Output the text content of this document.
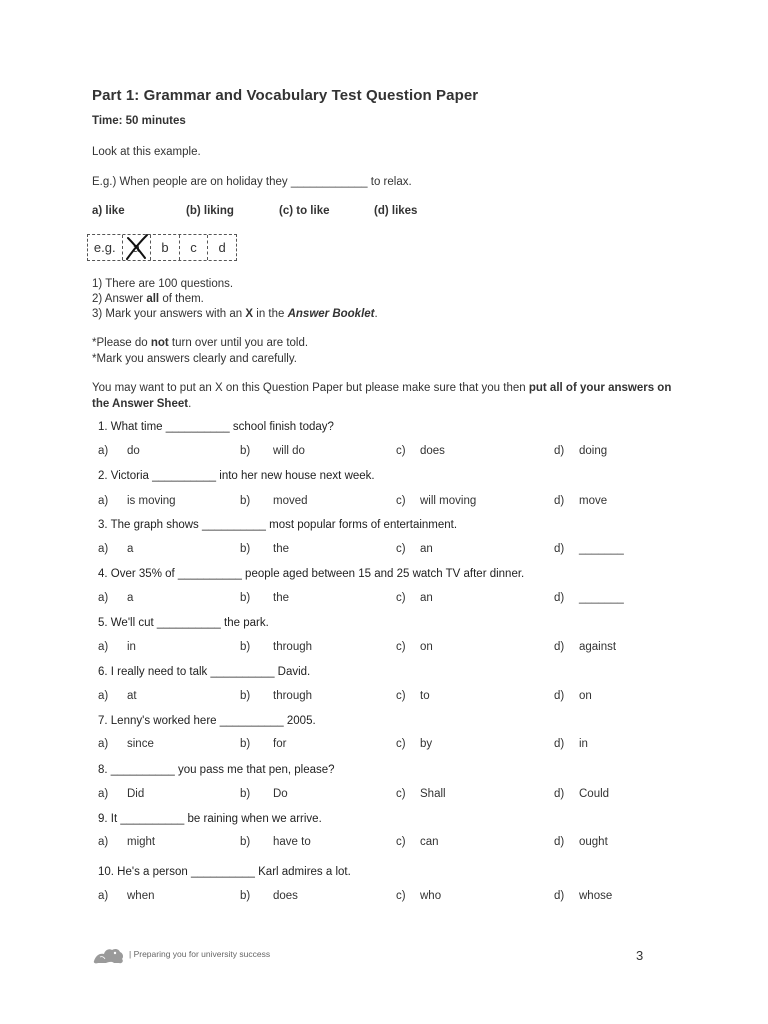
Part 1: Grammar and Vocabulary Test Question Paper
Time: 50 minutes
Look at this example.
E.g.) When people are on holiday they ____________ to relax.
a) like	(b) liking	(c) to like	(d) likes
e.g.	a	b	c	d
1) There are 100 questions.
2) Answer all of them.
3) Mark your answers with an X in the Answer Booklet.
*Please do not turn over until you are told.
*Mark you answers clearly and carefully.
You may want to put an X on this Question Paper but please make sure that you then put all of your answers on the Answer Sheet.
1. What time __________ school finish today?
a) do	b) will do	c) does	d) doing
2. Victoria __________ into her new house next week.
a) is moving	b) moved	c) will moving	d) move
3. The graph shows __________ most popular forms of entertainment.
a) a	b) the	c) an	d) _______
4. Over 35% of __________ people aged between 15 and 25 watch TV after dinner.
a) a	b) the	c) an	d) _______
5. We'll cut __________ the park.
a) in	b) through	c) on	d) against
6. I really need to talk __________ David.
a) at	b) through	c) to	d) on
7. Lenny's worked here __________ 2005.
a) since	b) for	c) by	d) in
8. __________ you pass me that pen, please?
a) Did	b) Do	c) Shall	d) Could
9. It __________ be raining when we arrive.
a) might	b) have to	c) can	d) ought
10. He's a person __________ Karl admires a lot.
a) when	b) does	c) who	d) whose
| Preparing you for university success	3
